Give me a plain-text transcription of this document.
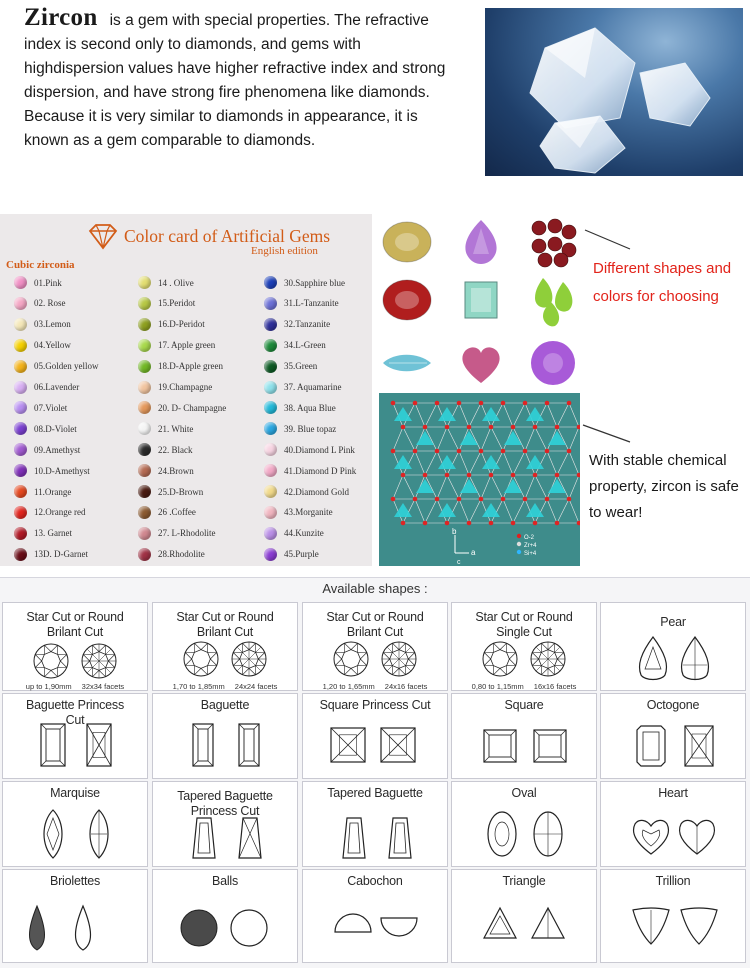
Zircon is a gem with special properties. The refractive index is second only to diamonds, and gems with highdispersion values have higher refractive index and strong dispersion, and have strong fire phenomena like diamonds. Because it is very similar to diamonds in appearance, it is known as a gem comparable to diamonds.
Color card of Artificial Gems
English edition
Cubic zirconia
01.Pink
02. Rose
03.Lemon
04.Yellow
05.Golden yellow
06.Lavender
07.Violet
08.D-Violet
09.Amethyst
10.D-Amethyst
11.Orange
12.Orange red
13. Garnet
13D. D-Garnet
14 . Olive
15.Peridot
16.D-Peridot
17. Apple green
18.D-Apple green
19.Champagne
20. D- Champagne
21. White
22. Black
24.Brown
25.D-Brown
26 .Coffee
27. L-Rhodolite
28.Rhodolite
30.Sapphire blue
31.L-Tanzanite
32.Tanzanite
34.L-Green
35.Green
37. Aquamarine
38. Aqua Blue
39. Blue topaz
40.Diamond L Pink
41.Diamond D Pink
42.Diamond Gold
43.Morganite
44.Kunzite
45.Purple
Different shapes and colors for choosing
b
a
c
O-2
Zr+4
Si+4
With stable chemical property, zircon is safe to wear!
Available shapes :
Star Cut or Round Brilant Cut
up to 1,90mm 32x34 facets
Star Cut or Round Brilant Cut
1,70 to 1,85mm 24x24 facets
Star Cut or Round Brilant Cut
1,20 to 1,65mm 24x16 facets
Star Cut or Round Single Cut
0,80 to 1,15mm 16x16 facets
Pear
Baguette Princess Cut
Baguette	Square Princess Cut	Square	Octogone
Marquise	Tapered Baguette Princess Cut
Tapered Baguette	Oval	Heart
Briolettes	Balls	Cabochon	Triangle	Trillion
